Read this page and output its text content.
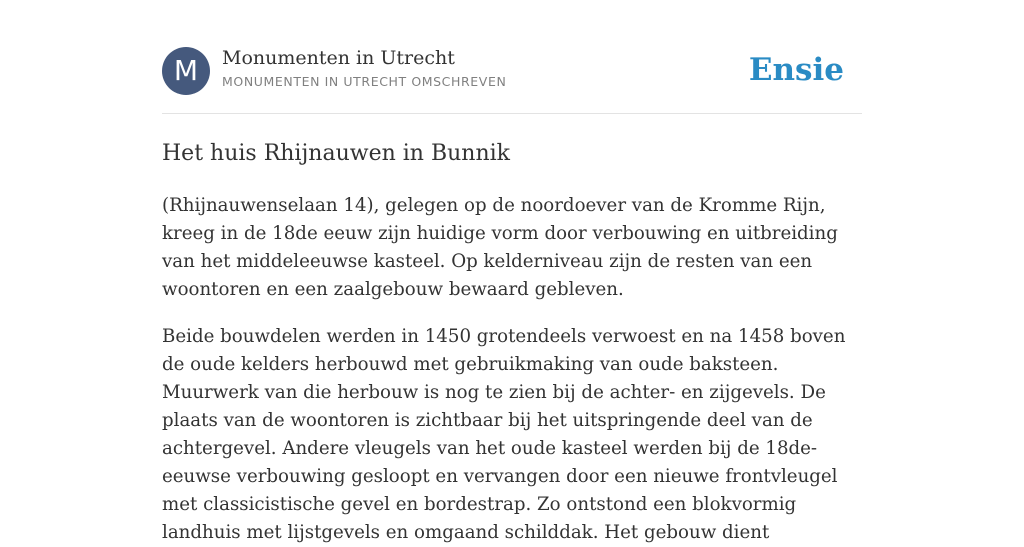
M	Monumenten in Utrecht
MONUMENTEN IN UTRECHT OMSCHREVEN	Ensie
Het huis Rhijnauwen in Bunnik

(Rhijnauwenselaan 14), gelegen op de noordoever van de Kromme Rijn, kreeg in de 18de eeuw zijn huidige vorm door verbouwing en uitbreiding van het middeleeuwse kasteel. Op kelderniveau zijn de resten van een woontoren en een zaalgebouw bewaard gebleven.

Beide bouwdelen werden in 1450 grotendeels verwoest en na 1458 boven de oude kelders herbouwd met gebruikmaking van oude baksteen. Muurwerk van die herbouw is nog te zien bij de achter- en zijgevels. De plaats van de woontoren is zichtbaar bij het uitspringende deel van de achtergevel. Andere vleugels van het oude kasteel werden bij de 18de-eeuwse verbouwing gesloopt en vervangen door een nieuwe frontvleugel met classicistische gevel en bordestrap. Zo ontstond een blokvormig landhuis met lijstgevels en omgaand schilddak. Het gebouw dient
